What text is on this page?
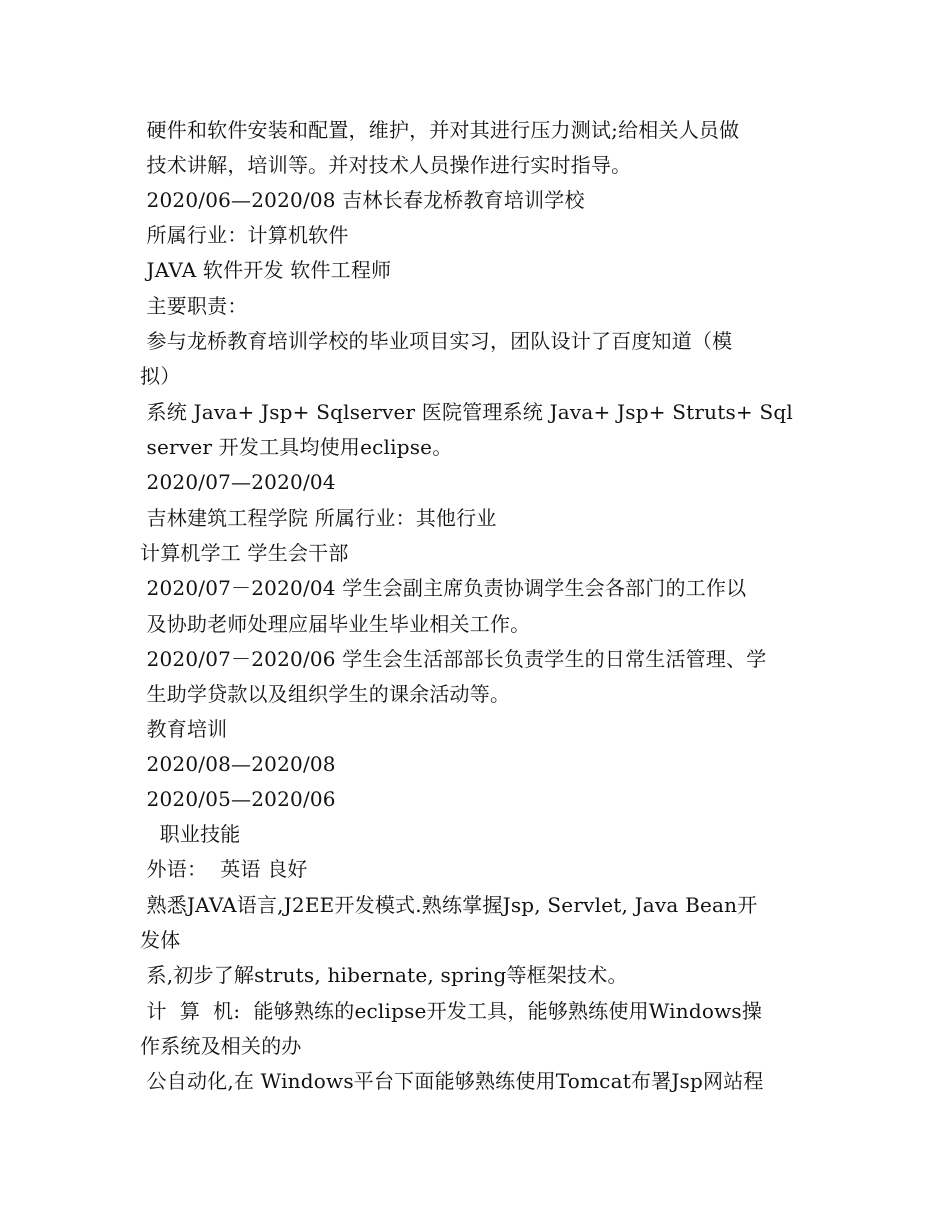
硬件和软件安装和配置，维护，并对其进行压力测试;给相关人员做
技术讲解，培训等。并对技术人员操作进行实时指导。
2020/06—2020/08 吉林长春龙桥教育培训学校
所属行业：计算机软件
JAVA 软件开发 软件工程师
主要职责：
参与龙桥教育培训学校的毕业项目实习，团队设计了百度知道（模
拟）
系统 Java+ Jsp+ Sqlserver 医院管理系统 Java+ Jsp+ Struts+ Sql
server 开发工具均使用eclipse。
2020/07—2020/04
吉林建筑工程学院 所属行业：其他行业
计算机学工 学生会干部
2020/07－2020/04 学生会副主席负责协调学生会各部门的工作以
及协助老师处理应届毕业生毕业相关工作。
2020/07－2020/06 学生会生活部部长负责学生的日常生活管理、学
生助学贷款以及组织学生的课余活动等。
教育培训
2020/08—2020/08
2020/05—2020/06
职业技能
外语：  英语 良好
熟悉JAVA语言,J2EE开发模式.熟练掌握Jsp, Servlet, Java Bean开
发体
系,初步了解struts, hibernate, spring等框架技术。
计  算  机:  能够熟练的eclipse开发工具，能够熟练使用Windows操
作系统及相关的办
公自动化,在 Windows平台下面能够熟练使用Tomcat布署Jsp网站程
